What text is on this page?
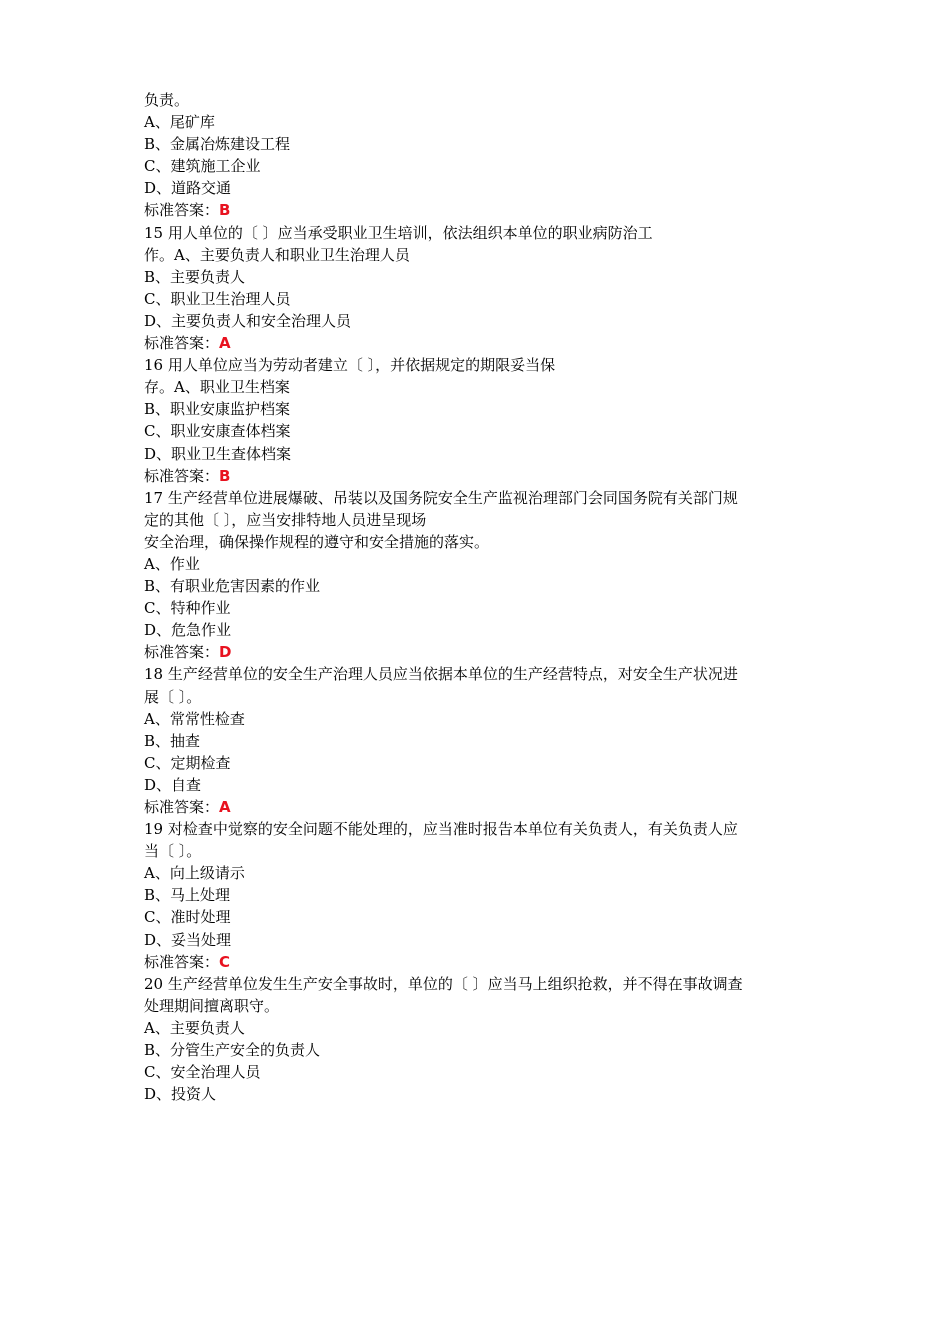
负责。
A、尾矿库
B、金属冶炼建设工程
C、建筑施工企业
D、道路交通
标准答案：B
15 用人单位的〔 〕应当承受职业卫生培训，依法组织本单位的职业病防治工
作。A、主要负责人和职业卫生治理人员
B、主要负责人
C、职业卫生治理人员
D、主要负责人和安全治理人员
标准答案：A
16 用人单位应当为劳动者建立〔 〕，并依据规定的期限妥当保
存。A、职业卫生档案
B、职业安康监护档案
C、职业安康查体档案
D、职业卫生查体档案
标准答案：B
17 生产经营单位进展爆破、吊装以及国务院安全生产监视治理部门会同国务院有关部门规
定的其他〔 〕，应当安排特地人员进呈现场
安全治理，确保操作规程的遵守和安全措施的落实。
A、作业
B、有职业危害因素的作业
C、特种作业
D、危急作业
标准答案：D
18 生产经营单位的安全生产治理人员应当依据本单位的生产经营特点，对安全生产状况进
展〔 〕。
A、常常性检查
B、抽查
C、定期检查
D、自查
标准答案：A
19 对检查中觉察的安全问题不能处理的，应当准时报告本单位有关负责人，有关负责人应
当〔 〕。
A、向上级请示
B、马上处理
C、准时处理
D、妥当处理
标准答案：C
20 生产经营单位发生生产安全事故时，单位的〔 〕应当马上组织抢救，并不得在事故调查
处理期间擅离职守。
A、主要负责人
B、分管生产安全的负责人
C、安全治理人员
D、投资人
